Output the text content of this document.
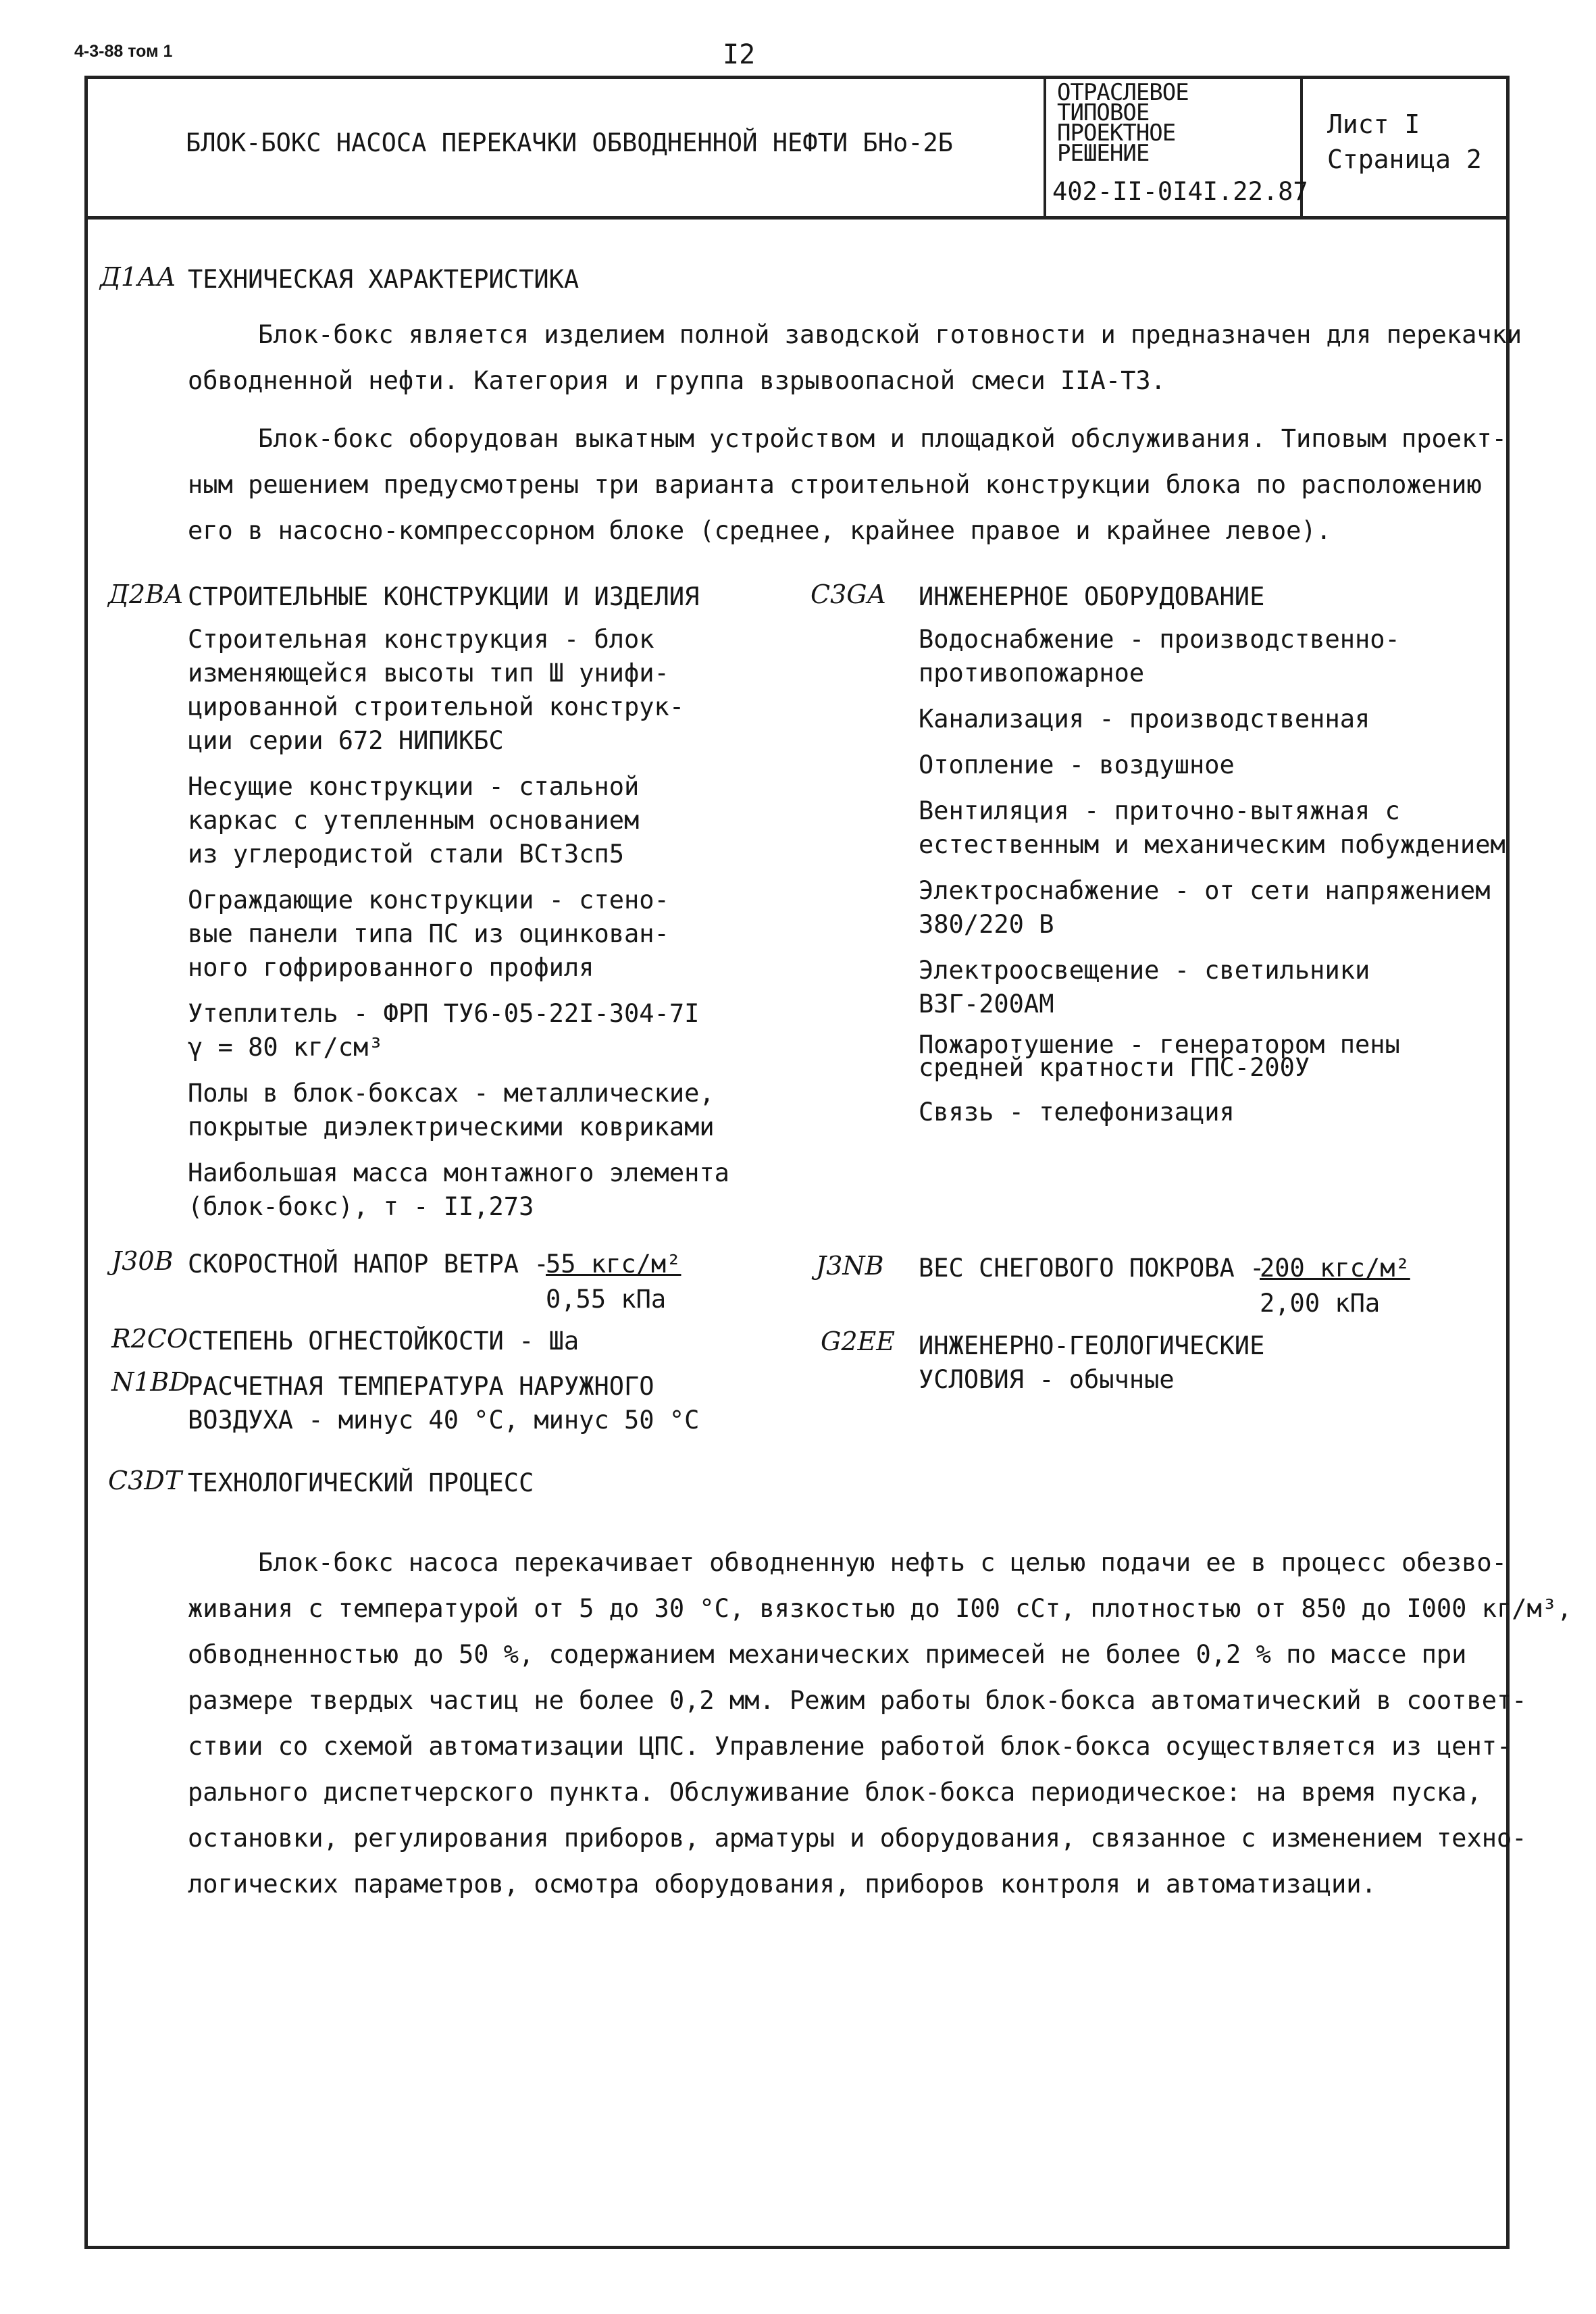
4-3-88 том 1	I2
БЛОК-БОКС НАСОСА ПЕРЕКАЧКИ ОБВОДНЕННОЙ НЕФТИ БНо-2Б
ОТРАСЛЕВОЕ
ТИПОВОЕ
ПРОЕКТНОЕ
РЕШЕНИЕ
402-II-0I4I.22.87
Лист I
Страница 2
Д1АА ТЕХНИЧЕСКАЯ ХАРАКТЕРИСТИКА
Блок-бокс является изделием полной заводской готовности и предназначен для перекачки
обводненной нефти. Категория и группа взрывоопасной смеси IIА-Т3.
Блок-бокс оборудован выкатным устройством и площадкой обслуживания. Типовым проект-
ным решением предусмотрены три варианта строительной конструкции блока по расположению
его в насосно-компрессорном блоке (среднее, крайнее правое и крайнее левое).
Д2ВА СТРОИТЕЛЬНЫЕ КОНСТРУКЦИИ И ИЗДЕЛИЯ

Строительная конструкция - блок

изменяющейся высоты тип Ш унифи-

цированной строительной конструк-

ции серии 672 НИПИКБС

Несущие конструкции - стальной

каркас с утепленным основанием

из углеродистой стали ВСт3сп5

Ограждающие конструкции - стено-

вые панели типа ПС из оцинкован-

ного гофрированного профиля

Утеплитель - ФРП ТУ6-05-22I-304-7I

γ = 80 кг/см³

Полы в блок-боксах - металлические,

покрытые диэлектрическими ковриками

Наибольшая масса монтажного элемента

(блок-бокс), т - II,273

С3GА ИНЖЕНЕРНОЕ ОБОРУДОВАНИЕ

Водоснабжение - производственно-

противопожарное

Канализация - производственная

Отопление - воздушное

Вентиляция - приточно-вытяжная с

естественным и механическим побуждением

Электроснабжение - от сети напряжением

380/220 В

Электроосвещение - светильники

ВЗГ-200АМ

Пожаротушение - генератором пены

средней кратности ГПС-200У

Связь - телефонизация

J30В СКОРОСТНОЙ НАПОР ВЕТРА -
55 кгс/м²
0,55 кПа
J3NВ ВЕС СНЕГОВОГО ПОКРОВА -
200 кгс/м²
2,00 кПа
R2СО СТЕПЕНЬ ОГНЕСТОЙКОСТИ - Ша
N1ВD

РАСЧЕТНАЯ ТЕМПЕРАТУРА НАРУЖНОГО

ВОЗДУХА - минус 40 °С, минус 50 °С

G2ЕЕ ИНЖЕНЕРНО-ГЕОЛОГИЧЕСКИЕ

УСЛОВИЯ - обычные

С3DТ ТЕХНОЛОГИЧЕСКИЙ ПРОЦЕСС
Блок-бокс насоса перекачивает обводненную нефть с целью подачи ее в процесс обезво-
живания с температурой от 5 до 30 °С, вязкостью до I00 сСт, плотностью от 850 до I000 кг/м³,
обводненностью до 50 %, содержанием механических примесей не более 0,2 % по массе при
размере твердых частиц не более 0,2 мм. Режим работы блок-бокса автоматический в соответ-
ствии со схемой автоматизации ЦПС. Управление работой блок-бокса осуществляется из цент-
рального диспетчерского пункта. Обслуживание блок-бокса периодическое: на время пуска,
остановки, регулирования приборов, арматуры и оборудования, связанное с изменением техно-
логических параметров, осмотра оборудования, приборов контроля и автоматизации.
